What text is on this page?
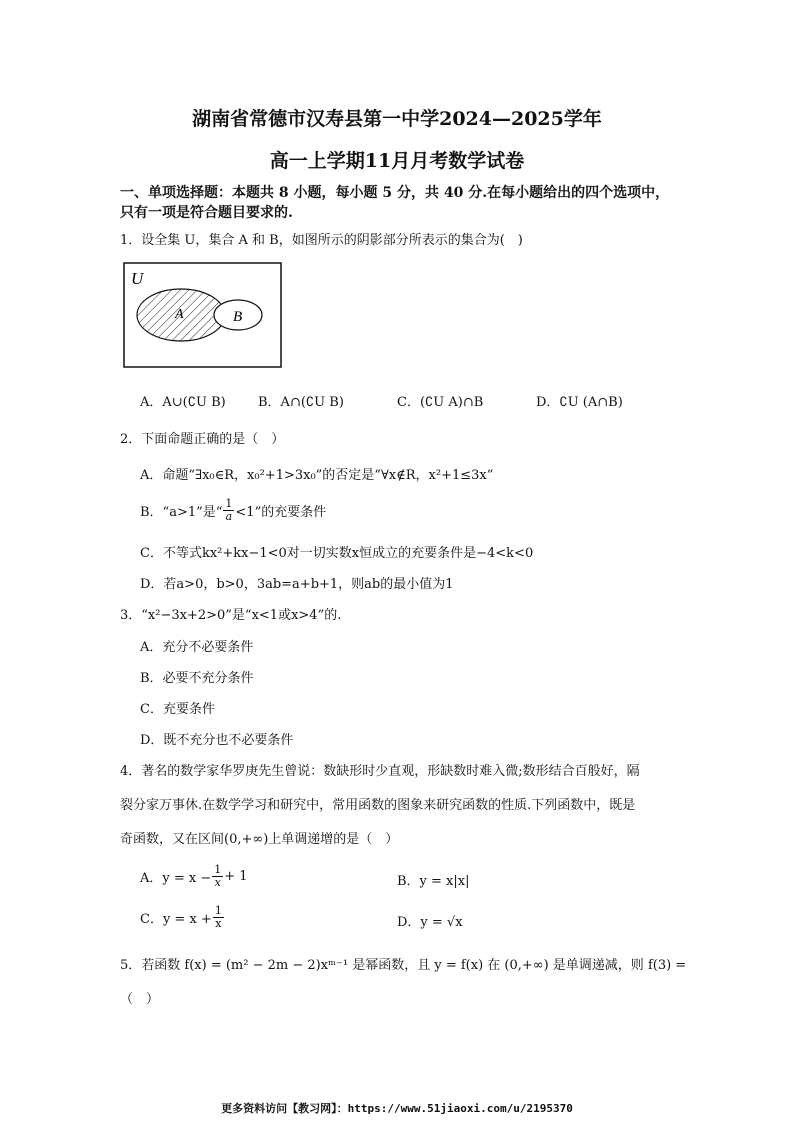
湖南省常德市汉寿县第一中学2024—2025学年
高一上学期11月月考数学试卷
一、单项选择题：本题共 8 小题，每小题 5 分，共 40 分.在每小题给出的四个选项中，只有一项是符合题目要求的.
1．设全集 U，集合 A 和 B，如图所示的阴影部分所表示的集合为(　)
U
A	B
A．A∪(∁U B) B．A∩(∁U B)	C．(∁U A)∩B	D．∁U (A∩B)
2．下面命题正确的是（　）
A．命题“∃x₀∈R，x₀²+1>3x₀”的否定是“∀x∉R，x²+1≤3x”
B．“a>1”是“ $\frac{1}{a} <1$”的充要条件
C．不等式kx²+kx−1<0对一切实数x恒成立的充要条件是−4<k<0
D．若a>0，b>0，3ab=a+b+1，则ab的最小值为1
3．“x²−3x+2>0”是“x<1或x>4”的.
A．充分不必要条件
B．必要不充分条件
C．充要条件
D．既不充分也不必要条件
4．著名的数学家华罗庚先生曾说：数缺形时少直观，形缺数时难入微;数形结合百般好，隔
裂分家万事休.在数学学习和研究中，常用函数的图象来研究函数的性质.下列函数中，既是
奇函数，又在区间(0,+∞)上单调递增的是（　）
A．$y = x - \frac{1}{x} + 1$	B．y = x|x|
C．$y = x + \frac{1}{x}$	D．y = √x
5．若函数 f(x) = (m² − 2m − 2)xᵐ⁻¹ 是幂函数，且 y = f(x) 在 (0,+∞) 是单调递减，则 f(3) =
（　）
更多资料访问【教习网】：https://www.51jiaoxi.com/u/2195370
